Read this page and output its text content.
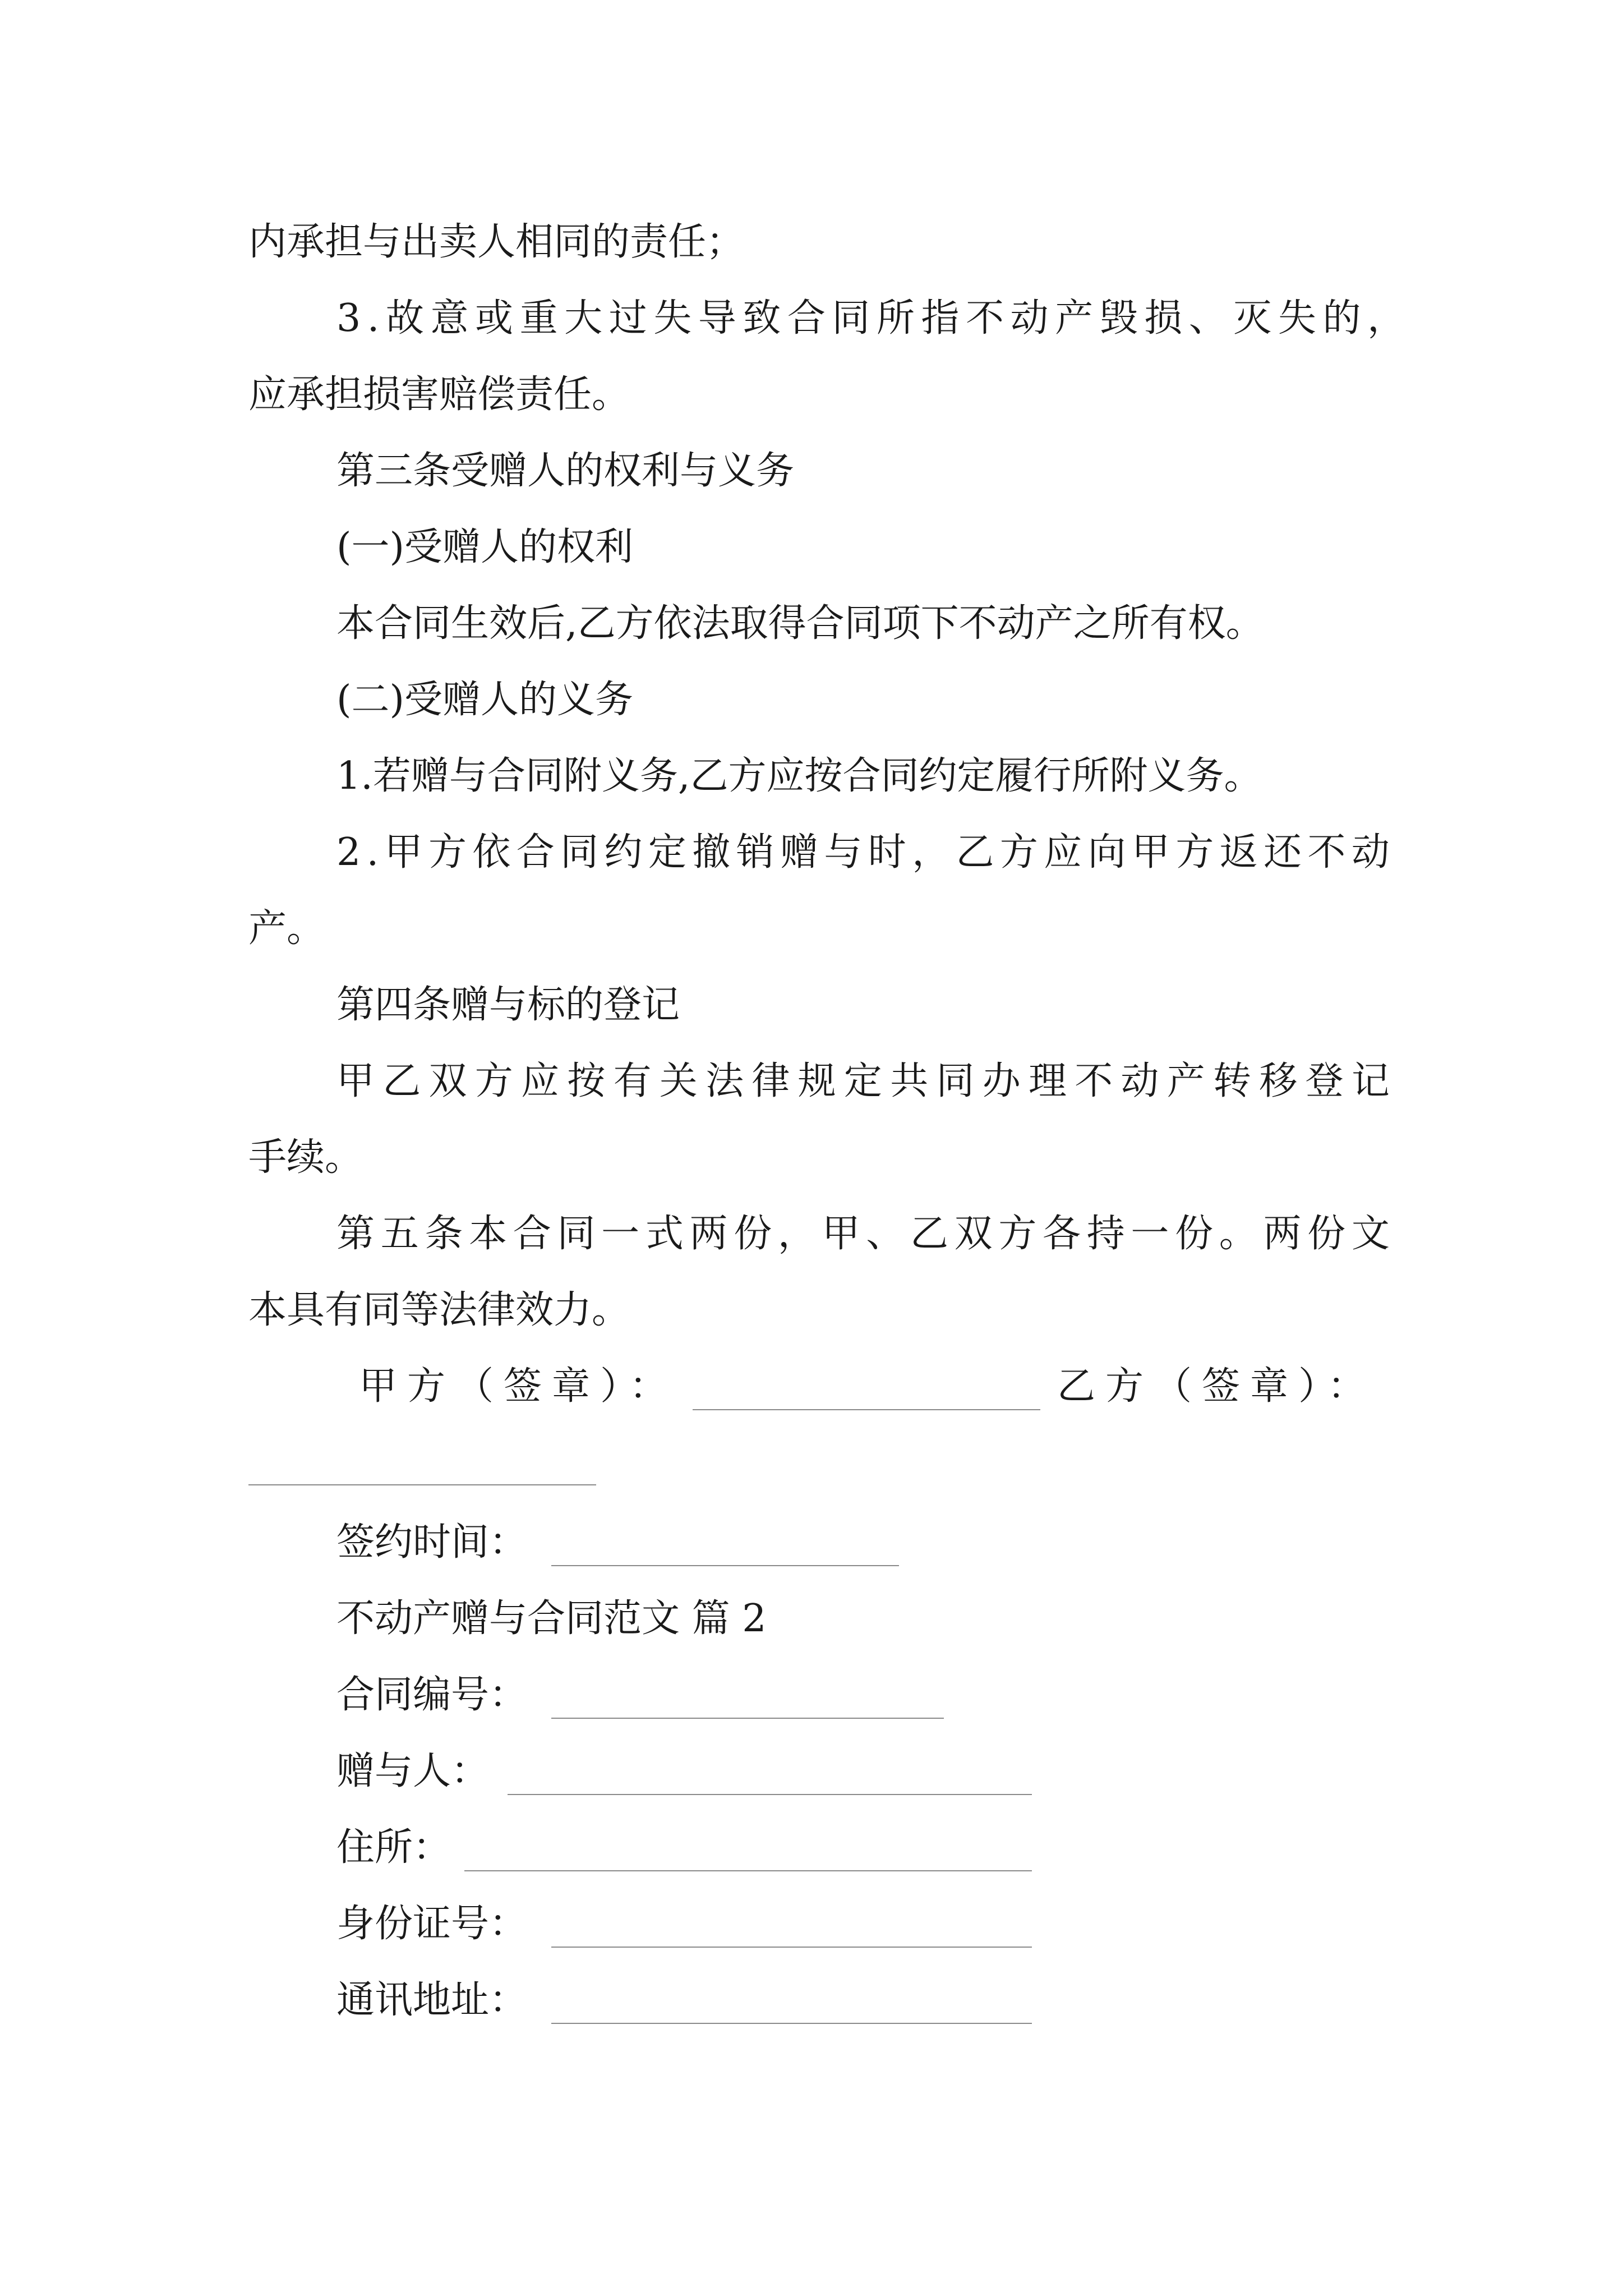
内承担与出卖人相同的责任；
3 . 故 意 或 重 大 过 失 导 致 合 同 所 指 不 动 产 毁 损 、 灭 失 的 ，
应承担损害赔偿责任。
第三条受赠人的权利与义务
(一)受赠人的权利
本合同生效后,乙方依法取得合同项下不动产之所有权。
(二)受赠人的义务
1.若赠与合同附义务,乙方应按合同约定履行所附义务。
2 . 甲 方 依 合 同 约 定 撤 销 赠 与 时 ， 乙 方 应 向 甲 方 返 还 不 动
产。
第四条赠与标的登记
甲 乙 双 方 应 按 有 关 法 律 规 定 共 同 办 理 不 动 产 转 移 登 记
手续。
第 五 条 本 合 同 一 式 两 份 ， 甲 、 乙 双 方 各 持 一 份 。 两 份 文
本具有同等法律效力。
甲方（签章）：	乙方（签章）：
签约时间：
不动产赠与合同范文 篇 2
合同编号：
赠与人：
住所：
身份证号：
通讯地址：
